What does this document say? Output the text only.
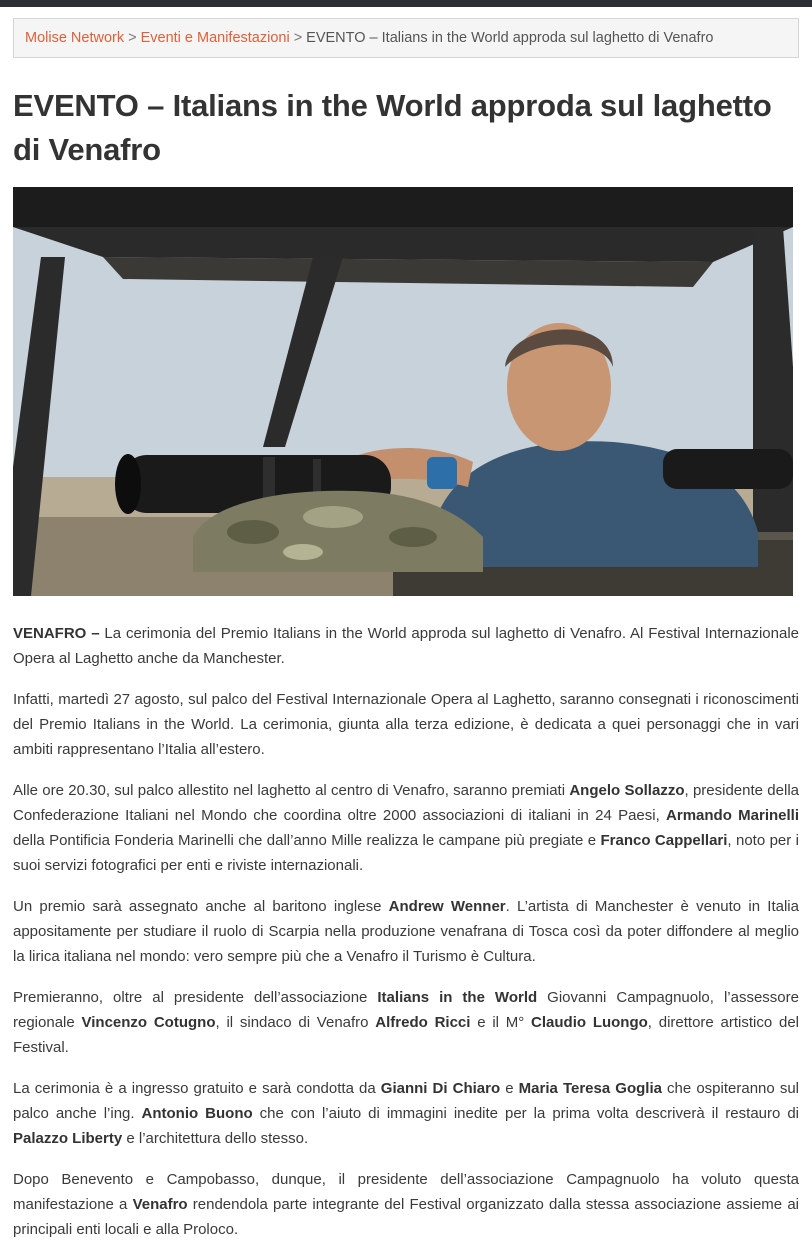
Molise Network > Eventi e Manifestazioni > EVENTO – Italians in the World approda sul laghetto di Venafro
EVENTO – Italians in the World approda sul laghetto di Venafro

VENAFRO – La cerimonia del Premio Italians in the World approda sul laghetto di Venafro. Al Festival Internazionale Opera al Laghetto anche da Manchester.

Infatti, martedì 27 agosto, sul palco del Festival Internazionale Opera al Laghetto, saranno consegnati i riconoscimenti del Premio Italians in the World. La cerimonia, giunta alla terza edizione, è dedicata a quei personaggi che in vari ambiti rappresentano l’Italia all’estero.

Alle ore 20.30, sul palco allestito nel laghetto al centro di Venafro, saranno premiati Angelo Sollazzo, presidente della Confederazione Italiani nel Mondo che coordina oltre 2000 associazioni di italiani in 24 Paesi, Armando Marinelli della Pontificia Fonderia Marinelli che dall’anno Mille realizza le campane più pregiate e Franco Cappellari, noto per i suoi servizi fotografici per enti e riviste internazionali.

Un premio sarà assegnato anche al baritono inglese Andrew Wenner. L’artista di Manchester è venuto in Italia appositamente per studiare il ruolo di Scarpia nella produzione venafrana di Tosca così da poter diffondere al meglio la lirica italiana nel mondo: vero sempre più che a Venafro il Turismo è Cultura.

Premieranno, oltre al presidente dell’associazione Italians in the World Giovanni Campagnuolo, l’assessore regionale Vincenzo Cotugno, il sindaco di Venafro Alfredo Ricci e il M° Claudio Luongo, direttore artistico del Festival.

La cerimonia è a ingresso gratuito e sarà condotta da Gianni Di Chiaro e Maria Teresa Goglia che ospiteranno sul palco anche l’ing. Antonio Buono che con l’aiuto di immagini inedite per la prima volta descriverà il restauro di Palazzo Liberty e l’architettura dello stesso.

Dopo Benevento e Campobasso, dunque, il presidente dell’associazione Campagnuolo ha voluto questa manifestazione a Venafro rendendola parte integrante del Festival organizzato dalla stessa associazione assieme ai principali enti locali e alla Proloco.
